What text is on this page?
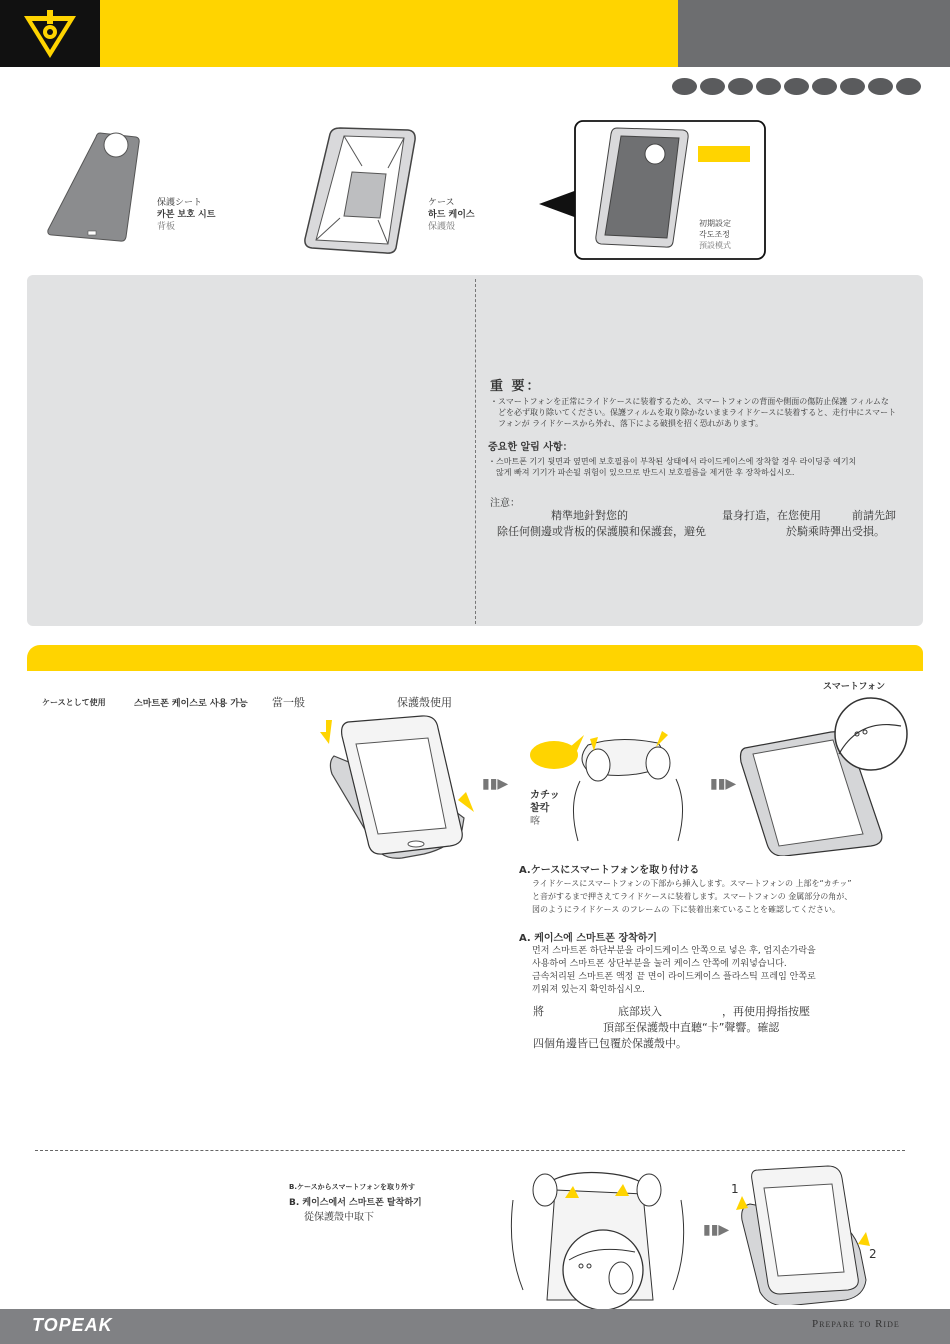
保護シート
카본 보호 시트
背板
ケース
하드 케이스
保護殼	初期設定
각도조정
預設模式
重 要：
・スマートフォンを正常にライドケースに装着するため、スマートフォンの背面や側面の傷防止保護 フィルムな
どを必ず取り除いてください。保護フィルムを取り除かないままライドケースに装着すると、走行中にスマート
フォンが ライドケースから外れ、落下による破損を招く恐れがあります。
중요한 알림 사항：
・스마트폰 기기 뒷면과 옆면에 보호필름이 부착된 상태에서 라이드케이스에 장착할 경우 라이딩중 예기치
않게 빠져 기기가 파손될 위험이 있으므로 반드시 보호필름을 제거한 후 장착하십시오.
注意：
精準地針對您的	量身打造，在您使用	前請先卸
除任何側邊或背板的保護膜和保護套，避免	於騎乘時彈出受損。
スマートフォン
ケースとして使用	스마트폰 케이스로 사용 가능 當一般	保護殼使用
▮▮▶
カチッ
찰칵
喀
▮▮▶
A.ケースにスマートフォンを取り付ける
ライドケースにスマートフォンの下部から挿入します。スマートフォンの 上部を“カチッ”
と音がするまで押さえてライドケースに装着します。スマートフォンの 金属部分の角が、
図のようにライドケース のフレームの 下に装着出来ていることを確認してください。
A. 케이스에 스마트폰 장착하기
먼저 스마트폰 하단부분을 라이드케이스 안쪽으로 넣은 후, 엄지손가락을
사용하여 스마트폰 상단부분을 눌러 케이스 안쪽에 끼워넣습니다.
금속처리된 스마트폰 액정 끝 면이 라이드케이스 플라스틱 프레임 안쪽로
끼워져 있는지 확인하십시오.
將	底部崁入	，再使用拇指按壓
頂部至保護殼中直聽“卡”聲響。確認
四個角邊皆已包覆於保護殼中。
B.ケースからスマートフォンを取り外す
B. 케이스에서 스마트폰 탈착하기
從保護殼中取下
▮▮▶
1
2
TOPEAK	Prepare to Ride
